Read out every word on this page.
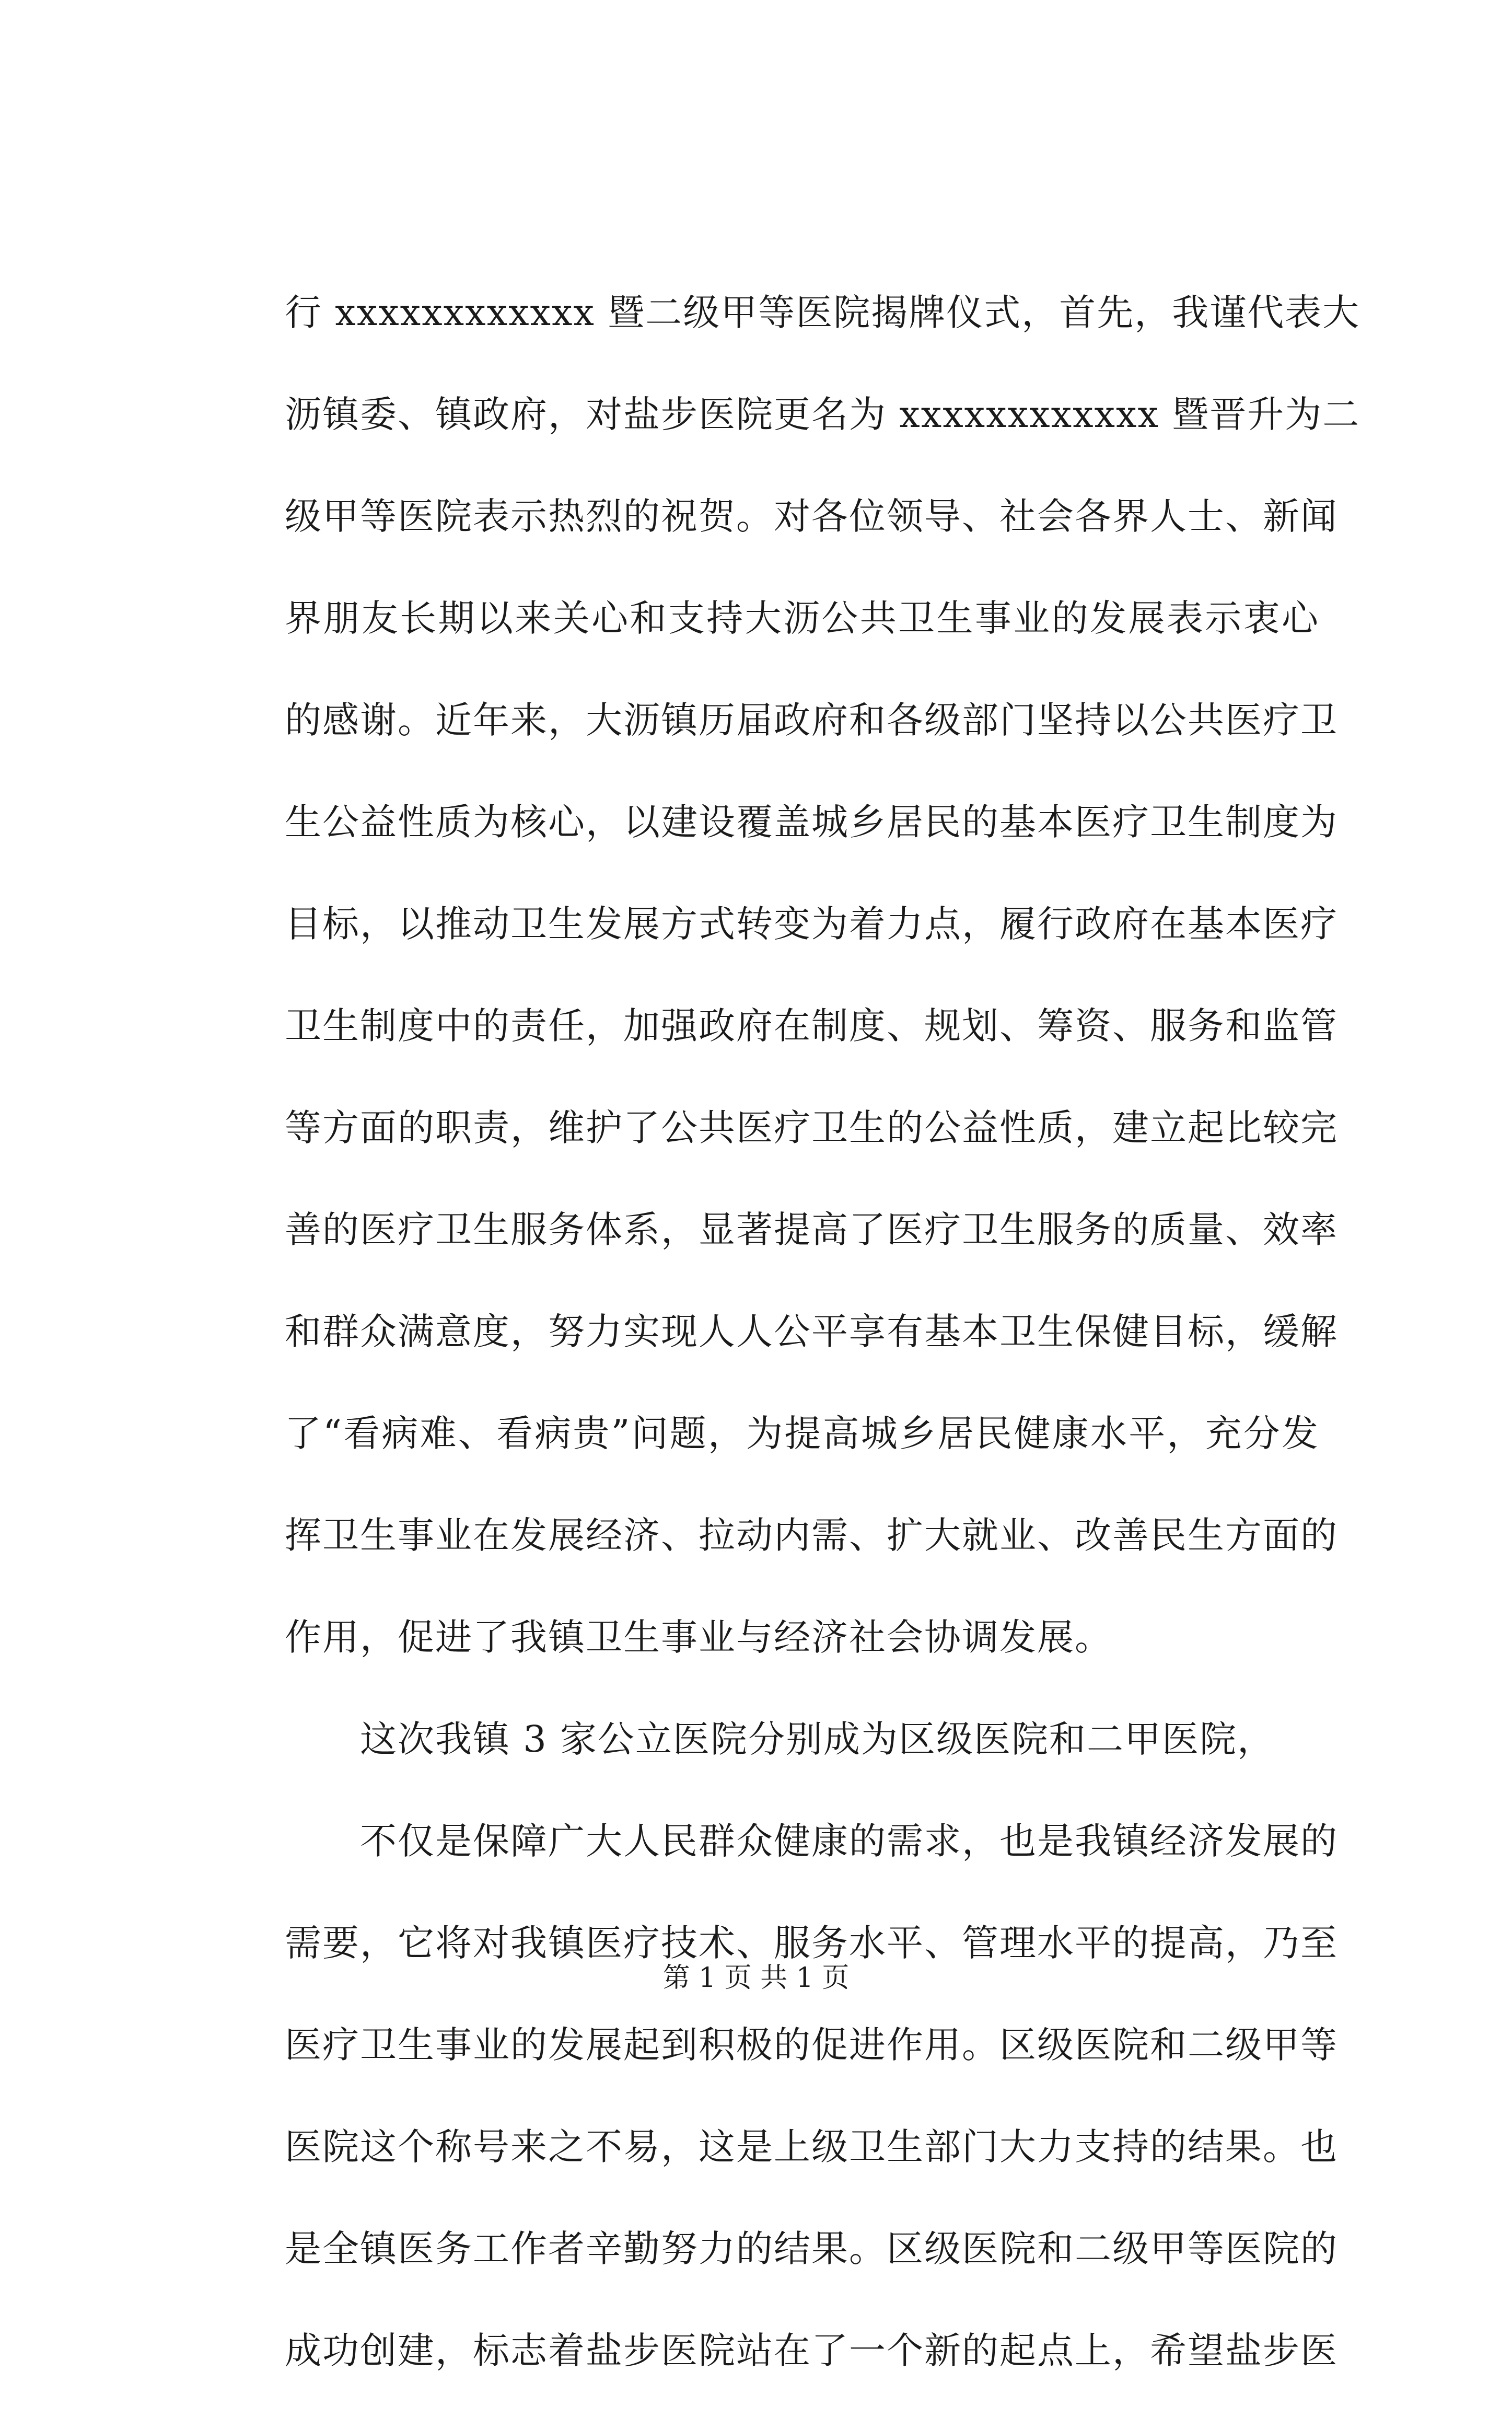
行 xxxxxxxxxxxx 暨二级甲等医院揭牌仪式，首先，我谨代表大
沥镇委、镇政府，对盐步医院更名为 xxxxxxxxxxxx 暨晋升为二
级甲等医院表示热烈的祝贺。对各位领导、社会各界人士、新闻
界朋友长期以来关心和支持大沥公共卫生事业的发展表示衷心
的感谢。近年来，大沥镇历届政府和各级部门坚持以公共医疗卫
生公益性质为核心，以建设覆盖城乡居民的基本医疗卫生制度为
目标，以推动卫生发展方式转变为着力点，履行政府在基本医疗
卫生制度中的责任，加强政府在制度、规划、筹资、服务和监管
等方面的职责，维护了公共医疗卫生的公益性质，建立起比较完
善的医疗卫生服务体系，显著提高了医疗卫生服务的质量、效率
和群众满意度，努力实现人人公平享有基本卫生保健目标，缓解
了“看病难、看病贵”问题，为提高城乡居民健康水平，充分发
挥卫生事业在发展经济、拉动内需、扩大就业、改善民生方面的
作用，促进了我镇卫生事业与经济社会协调发展。
　　这次我镇 3 家公立医院分别成为区级医院和二甲医院，
　　不仅是保障广大人民群众健康的需求，也是我镇经济发展的
需要，它将对我镇医疗技术、服务水平、管理水平的提高，乃至
医疗卫生事业的发展起到积极的促进作用。区级医院和二级甲等
医院这个称号来之不易，这是上级卫生部门大力支持的结果。也
是全镇医务工作者辛勤努力的结果。区级医院和二级甲等医院的
成功创建，标志着盐步医院站在了一个新的起点上，希望盐步医
第 1 页 共 1 页
